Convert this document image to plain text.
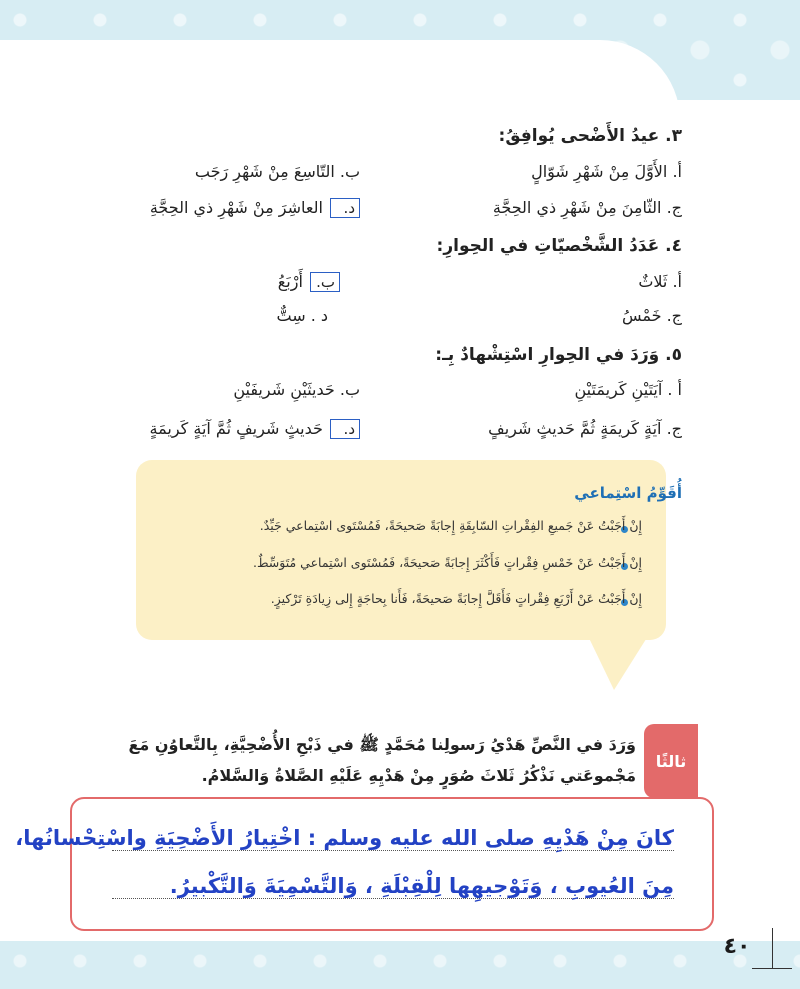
٣. عيدُ الأَضْحى يُوافِقُ:
أ. الأَوَّلَ مِنْ شَهْرِ شَوّالٍ
ب. التّاسِعَ مِنْ شَهْرِ رَجَب
ج. الثّامِنَ مِنْ شَهْرِ ذي الحِجَّةِ
د. العاشِرَ مِنْ شَهْرِ ذي الحِجَّةِ
٤. عَدَدُ الشَّخْصيّاتِ في الحِوارِ:
أ. ثَلاثٌ
ب. أَرْبَعُ
ج. خَمْسُ
د . سِتٌّ
٥. وَرَدَ في الحِوارِ اسْتِشْهادٌ بِـ:
أ . آيَتَيْنِ كَريمَتَيْنِ
ب. حَديثَيْنِ شَريفَيْنِ
ج. آيَةٍ كَريمَةٍ ثُمَّ حَديثٍ شَريفٍ
د. حَديثٍ شَريفٍ ثُمَّ آيَةٍ كَريمَةٍ
أُقَوِّمُ اسْتِماعي
إِنْ أَجَبْتُ عَنْ جَميعِ الفِقْراتِ السّابِقَةِ إِجابَةً صَحيحَةً، فَمُسْتَوى اسْتِماعي جَيِّدٌ.
إِنْ أَجَبْتُ عَنْ خَمْسِ فِقْراتٍ فَأَكْثَرَ إِجابَةً صَحيحَةً، فَمُسْتَوى اسْتِماعي مُتَوَسِّطٌ.
إِنْ أَجَبْتُ عَنْ أَرْبَعِ فِقْراتٍ فَأَقَلَّ إِجابَةً صَحيحَةً، فَأَنا بِحاجَةٍ إِلى زِيادَةِ تَرْكيزٍ.
ثالثًا
وَرَدَ في النَّصِّ هَدْيُ رَسولِنا مُحَمَّدٍ ﷺ في ذَبْحِ الأُضْحِيَّةِ، بِالتَّعاوُنِ مَعَ
مَجْموعَتي نَذْكُرُ ثَلاثَ صُوَرٍ مِنْ هَدْيِهِ عَلَيْهِ الصَّلاةُ وَالسَّلامُ.
كانَ مِنْ هَدْيِهِ صلى الله عليه وسلم : اخْتِيارُ الأَضْحِيَةِ واسْتِحْسانُها،
مِنَ العُيوبِ ، وَتَوْجيهِها لِلْقِبْلَةِ ، وَالتَّسْمِيَةَ وَالتَّكْبيرُ.
٤٠
